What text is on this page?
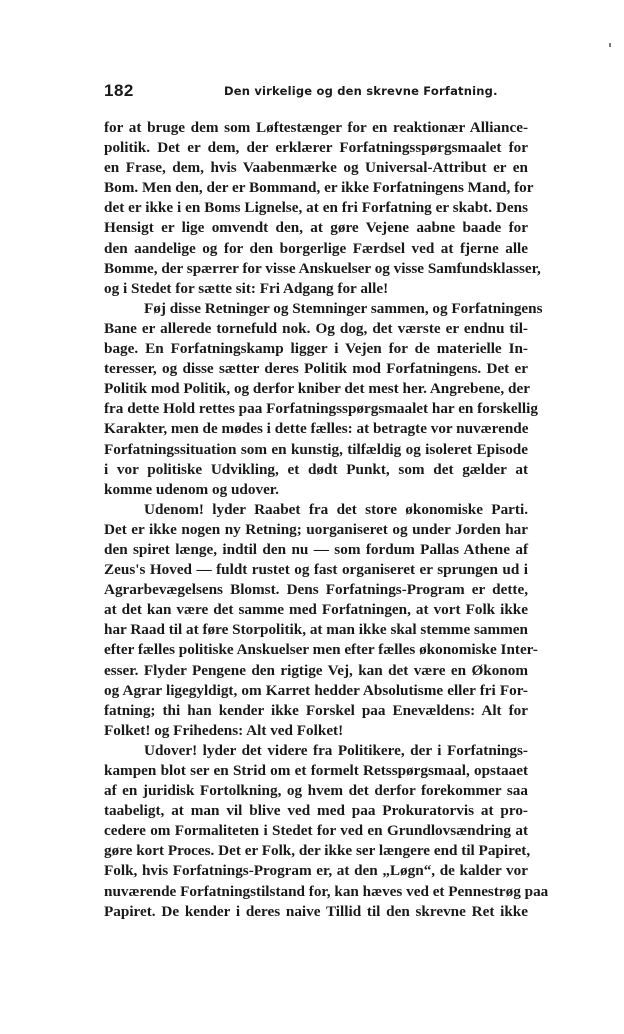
182	Den virkelige og den skrevne Forfatning.
for at bruge dem som Løftestænger for en reaktionær Alliance-
politik. Det er dem, der erklærer Forfatningsspørgsmaalet for
en Frase, dem, hvis Vaabenmærke og Universal-Attribut er en
Bom. Men den, der er Bommand, er ikke Forfatningens Mand, for
det er ikke i en Boms Lignelse, at en fri Forfatning er skabt. Dens
Hensigt er lige omvendt den, at gøre Vejene aabne baade for
den aandelige og for den borgerlige Færdsel ved at fjerne alle
Bomme, der spærrer for visse Anskuelser og visse Samfundsklasser,
og i Stedet for sætte sit: Fri Adgang for alle!
Føj disse Retninger og Stemninger sammen, og Forfatningens
Bane er allerede tornefuld nok. Og dog, det værste er endnu til-
bage. En Forfatningskamp ligger i Vejen for de materielle In-
teresser, og disse sætter deres Politik mod Forfatningens. Det er
Politik mod Politik, og derfor kniber det mest her. Angrebene, der
fra dette Hold rettes paa Forfatningsspørgsmaalet har en forskellig
Karakter, men de mødes i dette fælles: at betragte vor nuværende
Forfatningssituation som en kunstig, tilfældig og isoleret Episode
i vor politiske Udvikling, et dødt Punkt, som det gælder at
komme udenom og udover.
Udenom! lyder Raabet fra det store økonomiske Parti.
Det er ikke nogen ny Retning; uorganiseret og under Jorden har
den spiret længe, indtil den nu — som fordum Pallas Athene af
Zeus's Hoved — fuldt rustet og fast organiseret er sprungen ud i
Agrarbevægelsens Blomst. Dens Forfatnings-Program er dette,
at det kan være det samme med Forfatningen, at vort Folk ikke
har Raad til at føre Storpolitik, at man ikke skal stemme sammen
efter fælles politiske Anskuelser men efter fælles økonomiske Inter-
esser. Flyder Pengene den rigtige Vej, kan det være en Økonom
og Agrar ligegyldigt, om Karret hedder Absolutisme eller fri For-
fatning; thi han kender ikke Forskel paa Enevældens: Alt for
Folket! og Frihedens: Alt ved Folket!
Udover! lyder det videre fra Politikere, der i Forfatnings-
kampen blot ser en Strid om et formelt Retsspørgsmaal, opstaaet
af en juridisk Fortolkning, og hvem det derfor forekommer saa
taabeligt, at man vil blive ved med paa Prokuratorvis at pro-
cedere om Formaliteten i Stedet for ved en Grundlovsændring at
gøre kort Proces. Det er Folk, der ikke ser længere end til Papiret,
Folk, hvis Forfatnings-Program er, at den „Løgn“, de kalder vor
nuværende Forfatningstilstand for, kan hæves ved et Pennestrøg paa
Papiret. De kender i deres naive Tillid til den skrevne Ret ikke
